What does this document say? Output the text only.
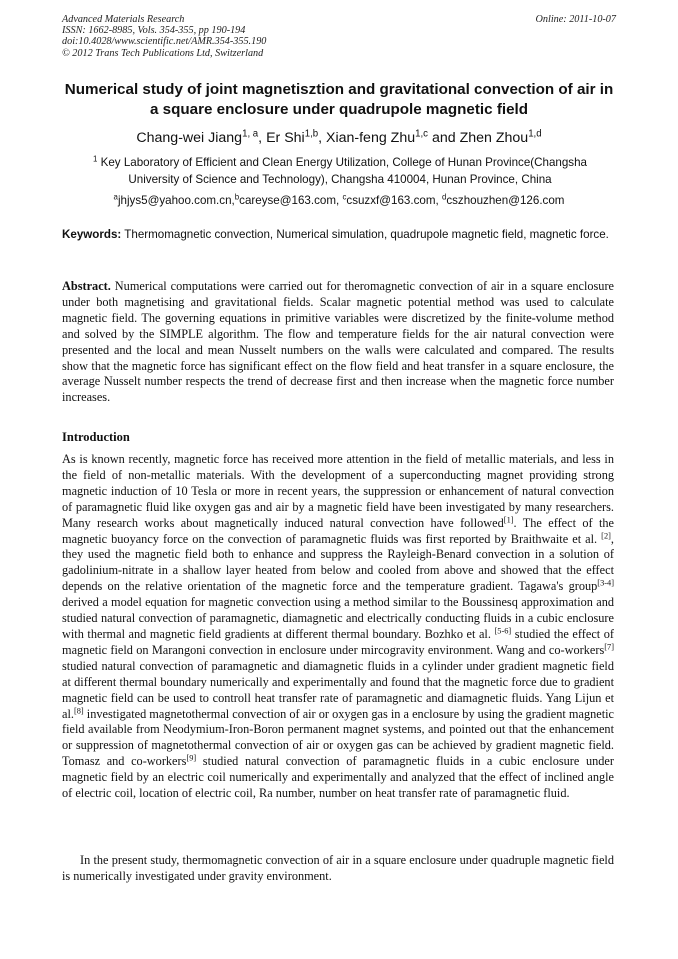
Advanced Materials Research	Online: 2011-10-07
ISSN: 1662-8985, Vols. 354-355, pp 190-194
doi:10.4028/www.scientific.net/AMR.354-355.190
© 2012 Trans Tech Publications Ltd, Switzerland
Numerical study of joint magnetisztion and gravitational convection of air in a square enclosure under quadrupole magnetic field
Chang-wei Jiang$^{1, a}$, Er Shi$^{1,b}$, Xian-feng Zhu$^{1,c}$ and Zhen Zhou$^{1,d}$
$^1$ Key Laboratory of Efficient and Clean Energy Utilization, College of Hunan Province(Changsha University of Science and Technology), Changsha 410004, Hunan Province, China
$^a$jhjys5@yahoo.com.cn,$^b$careyse@163.com, $^c$csuzxf@163.com, $^d$cszhouzhen@126.com
Keywords: Thermomagnetic convection, Numerical simulation, quadrupole magnetic field, magnetic force.
Abstract. Numerical computations were carried out for theromagnetic convection of air in a square enclosure under both magnetising and gravitational fields. Scalar magnetic potential method was used to calculate magnetic field. The governing equations in primitive variables were discretized by the finite-volume method and solved by the SIMPLE algorithm. The flow and temperature fields for the air natural convection were presented and the local and mean Nusselt numbers on the walls were calculated and compared. The results show that the magnetic force has significant effect on the flow field and heat transfer in a square enclosure, the average Nusselt number respects the trend of decrease first and then increase when the magnetic force number increases.
Introduction
As is known recently, magnetic force has received more attention in the field of metallic materials, and less in the field of non-metallic materials. With the development of a superconducting magnet providing strong magnetic induction of 10 Tesla or more in recent years, the suppression or enhancement of natural convection of paramagnetic fluid like oxygen gas and air by a magnetic field have been investigated by many researchers. Many research works about magnetically induced natural convection have followed[1]. The effect of the magnetic buoyancy force on the convection of paramagnetic fluids was first reported by Braithwaite et al. [2], they used the magnetic field both to enhance and suppress the Rayleigh-Benard convection in a solution of gadolinium-nitrate in a shallow layer heated from below and cooled from above and showed that the effect depends on the relative orientation of the magnetic force and the temperature gradient. Tagawa's group[3-4] derived a model equation for magnetic convection using a method similar to the Boussinesq approximation and studied natural convection of paramagnetic, diamagnetic and electrically conducting fluids in a cubic enclosure with thermal and magnetic field gradients at different thermal boundary. Bozhko et al. [5-6] studied the effect of magnetic field on Marangoni convection in enclosure under mircogravity environment. Wang and co-workers[7] studied natural convection of paramagnetic and diamagnetic fluids in a cylinder under gradient magnetic field at different thermal boundary numerically and experimentally and found that the magnetic force due to gradient magnetic field can be used to controll heat transfer rate of paramagnetic and diamagnetic fluids. Yang Lijun et al.[8] investigated magnetothermal convection of air or oxygen gas in a enclosure by using the gradient magnetic field available from Neodymium-Iron-Boron permanent magnet systems, and pointed out that the enhancement or suppression of magnetothermal convection of air or oxygen gas can be achieved by gradient magnetic field. Tomasz and co-workers[9] studied natural convection of paramagnetic fluids in a cubic enclosure under magnetic field by an electric coil numerically and experimentally and analyzed that the effect of inclined angle of electric coil, location of electric coil, Ra number, number on heat transfer rate of paramagnetic fluid.
In the present study, thermomagnetic convection of air in a square enclosure under quadruple magnetic field is numerically investigated under gravity environment.
